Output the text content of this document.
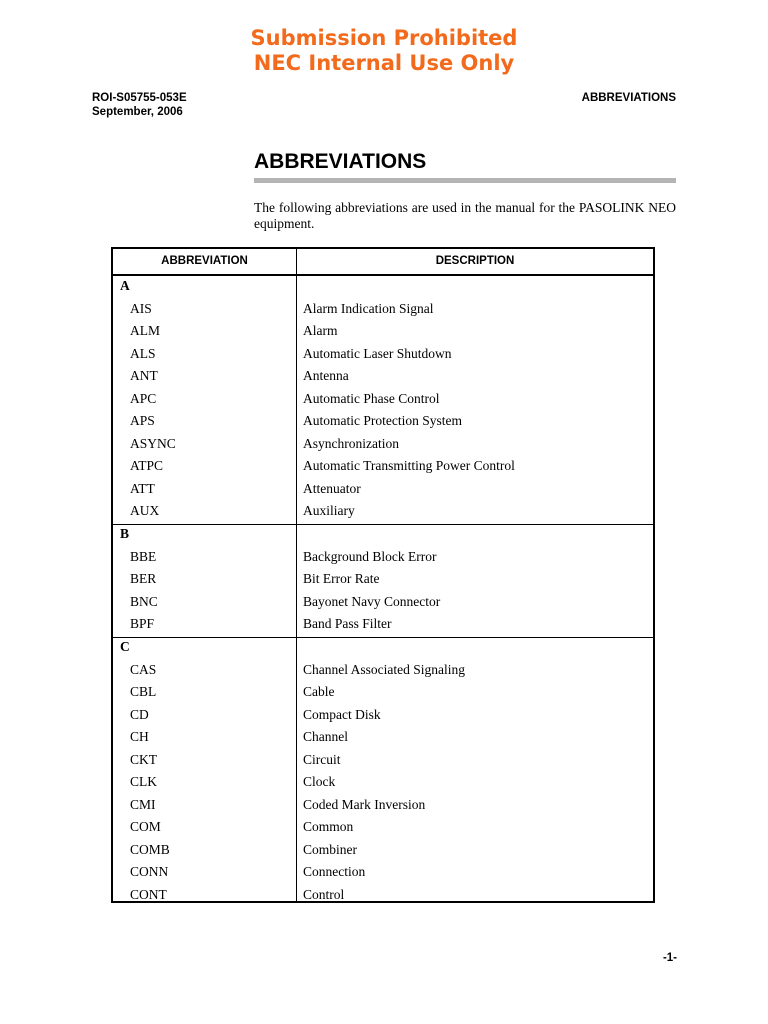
Submission Prohibited
NEC Internal Use Only
ROI-S05755-053E
September, 2006
ABBREVIATIONS
ABBREVIATIONS
The following abbreviations are used in the manual for the PASOLINK NEO equipment.
ABBREVIATION	DESCRIPTION
A
AIS	Alarm Indication Signal
ALM	Alarm
ALS	Automatic Laser Shutdown
ANT	Antenna
APC	Automatic Phase Control
APS	Automatic Protection System
ASYNC	Asynchronization
ATPC	Automatic Transmitting Power Control
ATT	Attenuator
AUX	Auxiliary
B
BBE	Background Block Error
BER	Bit Error Rate
BNC	Bayonet Navy Connector
BPF	Band Pass Filter
C
CAS	Channel Associated Signaling
CBL	Cable
CD	Compact Disk
CH	Channel
CKT	Circuit
CLK	Clock
CMI	Coded Mark Inversion
COM	Common
COMB	Combiner
CONN	Connection
CONT	Control
-1-
